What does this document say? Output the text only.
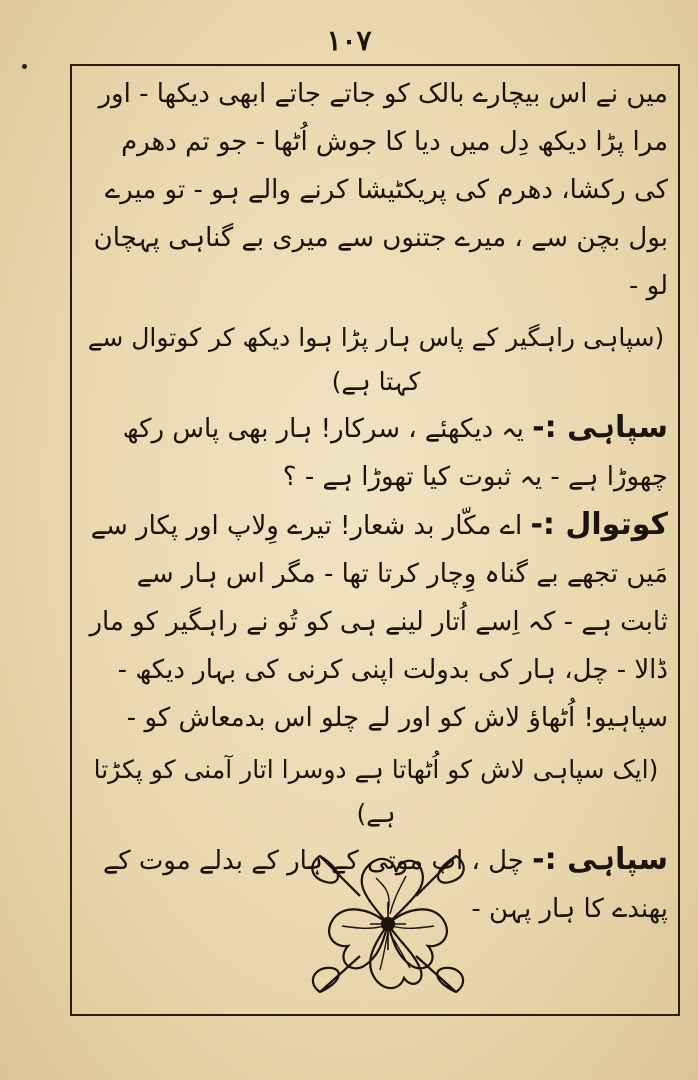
۱۰۷

میں نے اس بیچارے بالک کو جاتے جاتے ابھی دیکھا - اور مرا پڑا دیکھ دِل میں دیا کا جوش اُٹھا - جو تم دھرم کی رکشا، دھرم کی پریکٹیشا کرنے والے ہو - تو میرے بول بچن سے ، میرے جتنوں سے میری بے گناہی پہچان لو -

(سپاہی راہگیر کے پاس ہار پڑا ہوا دیکھ کر کوتوال سے کہتا ہے)

سپاہی :- یہ دیکھئے ، سرکار! ہار بھی پاس رکھ چھوڑا ہے - یہ ثبوت کیا تھوڑا ہے - ؟

کوتوال :- اے مکّار بد شعار! تیرے وِلاپ اور پکار سے مَیں تجھے بے گناہ وِچار کرتا تھا - مگر اس ہار سے ثابت ہے - کہ اِسے اُتار لینے ہی کو تُو نے راہگیر کو مار ڈالا - چل، ہار کی بدولت اپنی کرنی کی بہار دیکھ - سپاہیو! اُٹھاؤ لاش کو اور لے چلو اس بدمعاش کو -

(ایک سپاہی لاش کو اُٹھاتا ہے دوسرا اتار آمنی کو پکڑتا ہے)

سپاہی :- چل ، اب موتی کے ہار کے بدلے موت کے پھندے کا ہار پہن -
